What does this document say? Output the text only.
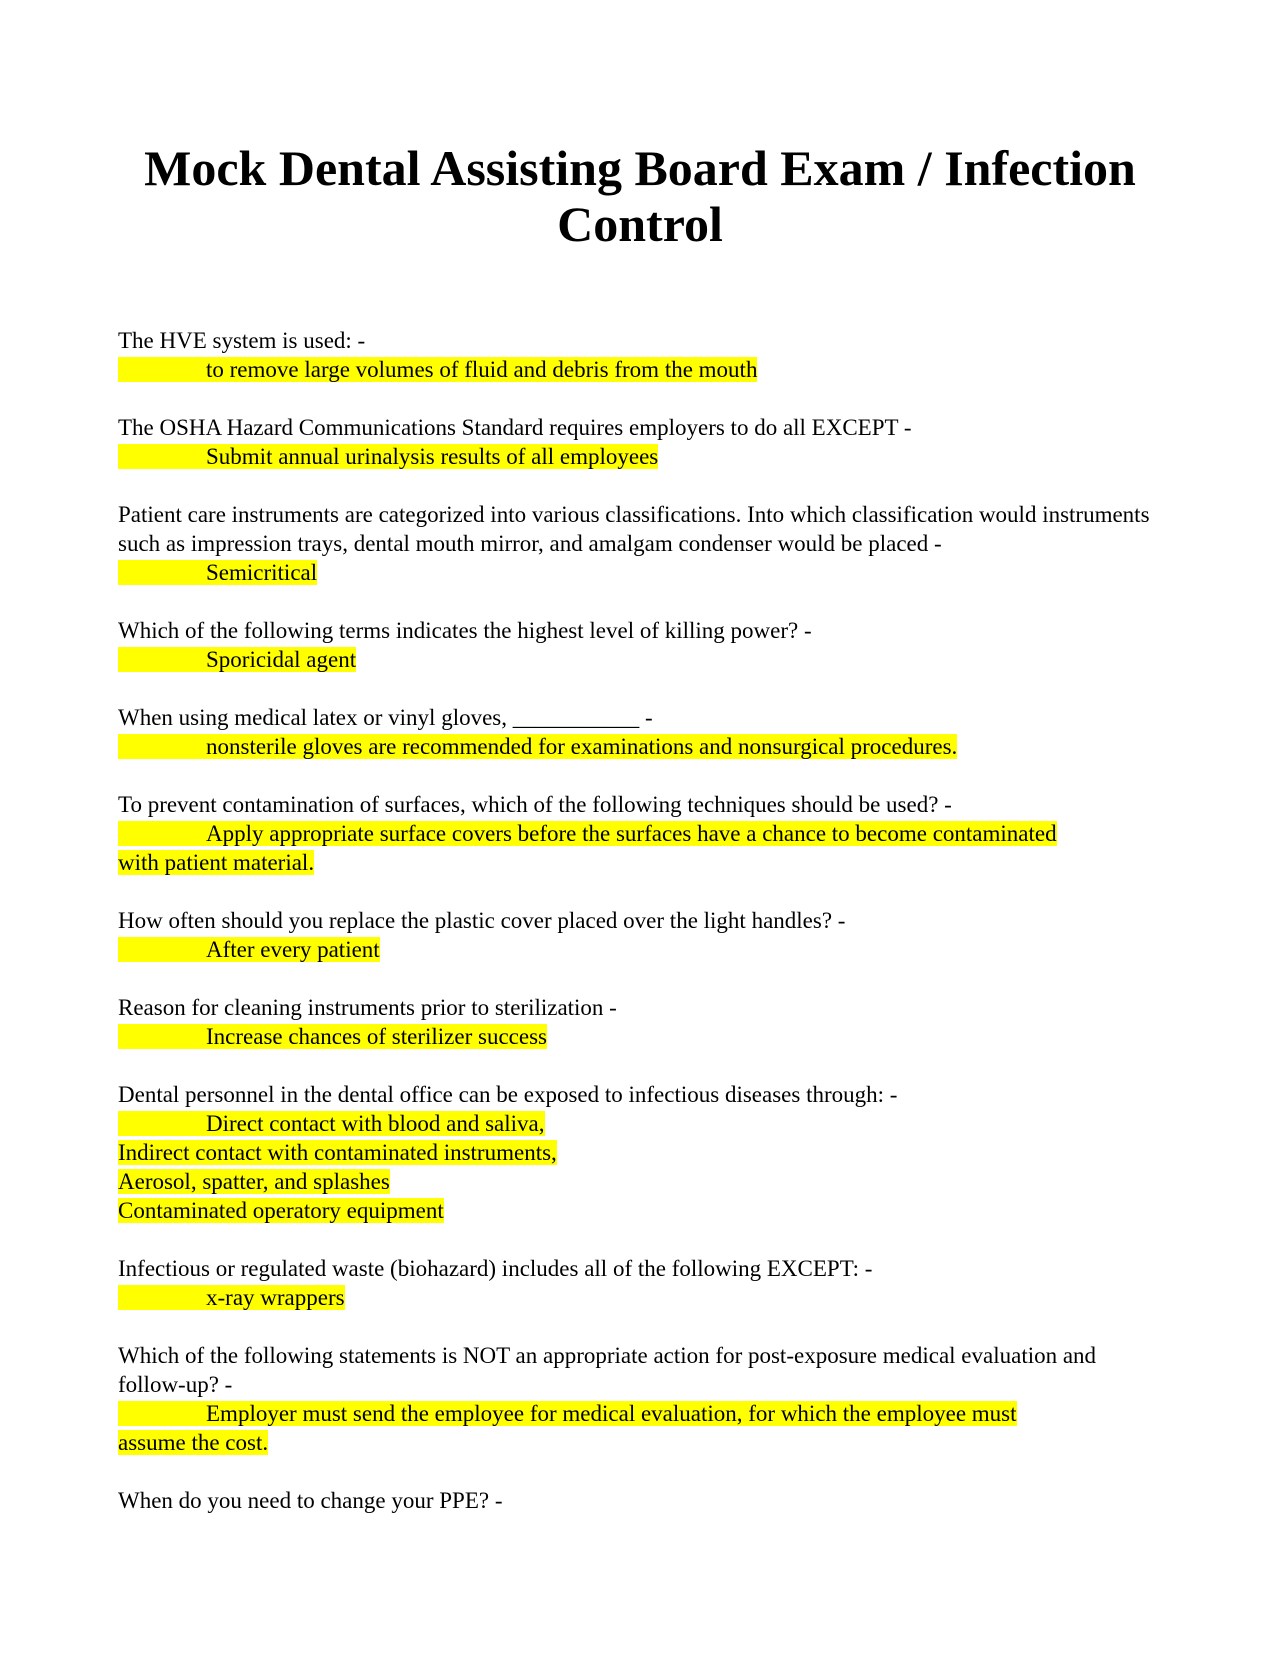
Mock Dental Assisting Board Exam / Infection
Control
The HVE system is used: -
to remove large volumes of fluid and debris from the mouth
The OSHA Hazard Communications Standard requires employers to do all EXCEPT -
Submit annual urinalysis results of all employees
Patient care instruments are categorized into various classifications. Into which classification would instruments such as impression trays, dental mouth mirror, and amalgam condenser would be placed -
Semicritical
Which of the following terms indicates the highest level of killing power? -
Sporicidal agent
When using medical latex or vinyl gloves, ___________ -
nonsterile gloves are recommended for examinations and nonsurgical procedures.
To prevent contamination of surfaces, which of the following techniques should be used? -
Apply appropriate surface covers before the surfaces have a chance to become contaminated
with patient material.
How often should you replace the plastic cover placed over the light handles? -
After every patient
Reason for cleaning instruments prior to sterilization -
Increase chances of sterilizer success
Dental personnel in the dental office can be exposed to infectious diseases through: -
Direct contact with blood and saliva,
Indirect contact with contaminated instruments,
Aerosol, spatter, and splashes
Contaminated operatory equipment
Infectious or regulated waste (biohazard) includes all of the following EXCEPT: -
x-ray wrappers
Which of the following statements is NOT an appropriate action for post-exposure medical evaluation and follow-up? -
Employer must send the employee for medical evaluation, for which the employee must
assume the cost.
When do you need to change your PPE? -
